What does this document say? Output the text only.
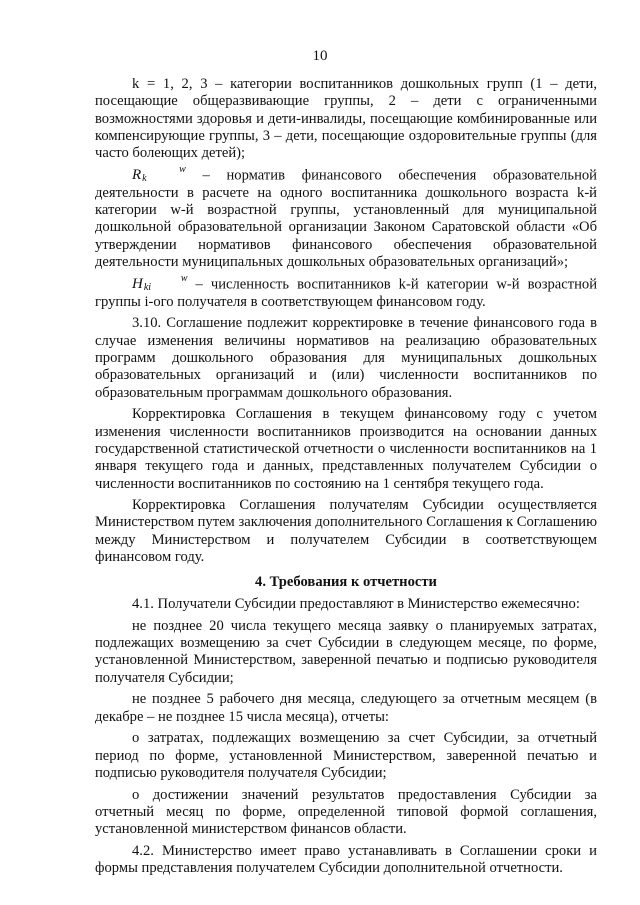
10

k = 1, 2, 3 – категории воспитанников дошкольных групп (1 – дети, посещающие общеразвивающие группы, 2 – дети с ограниченными возможностями здоровья и дети-инвалиды, посещающие комбинированные или компенсирующие группы, 3 – дети, посещающие оздоровительные группы (для часто болеющих детей);

R	w
k	– норматив финансового обеспечения образовательной деятельности в расчете на одного воспитанника дошкольного возраста k-й категории w-й возрастной группы, установленный для муниципальной дошкольной образовательной организации Законом Саратовской области «Об утверждении нормативов финансового обеспечения образовательной деятельности муниципальных дошкольных образовательных организаций»;

H	w
ki – численность воспитанников k-й категории w-й возрастной группы i-ого получателя в соответствующем финансовом году.

3.10. Соглашение подлежит корректировке в течение финансового года в случае изменения величины нормативов на реализацию образовательных программ дошкольного образования для муниципальных дошкольных образовательных организаций и (или) численности воспитанников по образовательным программам дошкольного образования.

Корректировка Соглашения в текущем финансовому году с учетом изменения численности воспитанников производится на основании данных государственной статистической отчетности о численности воспитанников на 1 января текущего года и данных, представленных получателем Субсидии о численности воспитанников по состоянию на 1 сентября текущего года.

Корректировка Соглашения получателям Субсидии осуществляется Министерством путем заключения дополнительного Соглашения к Соглашению между Министерством и получателем Субсидии в соответствующем финансовом году.

4. Требования к отчетности

4.1. Получатели Субсидии предоставляют в Министерство ежемесячно:

не позднее 20 числа текущего месяца заявку о планируемых затратах, подлежащих возмещению за счет Субсидии в следующем месяце, по форме, установленной Министерством, заверенной печатью и подписью руководителя получателя Субсидии;

не позднее 5 рабочего дня месяца, следующего за отчетным месяцем (в декабре – не позднее 15 числа месяца), отчеты:

о затратах, подлежащих возмещению за счет Субсидии, за отчетный период по форме, установленной Министерством, заверенной печатью и подписью руководителя получателя Субсидии;

о достижении значений результатов предоставления Субсидии за отчетный месяц по форме, определенной типовой формой соглашения, установленной министерством финансов области.

4.2. Министерство имеет право устанавливать в Соглашении сроки и формы представления получателем Субсидии дополнительной отчетности.
